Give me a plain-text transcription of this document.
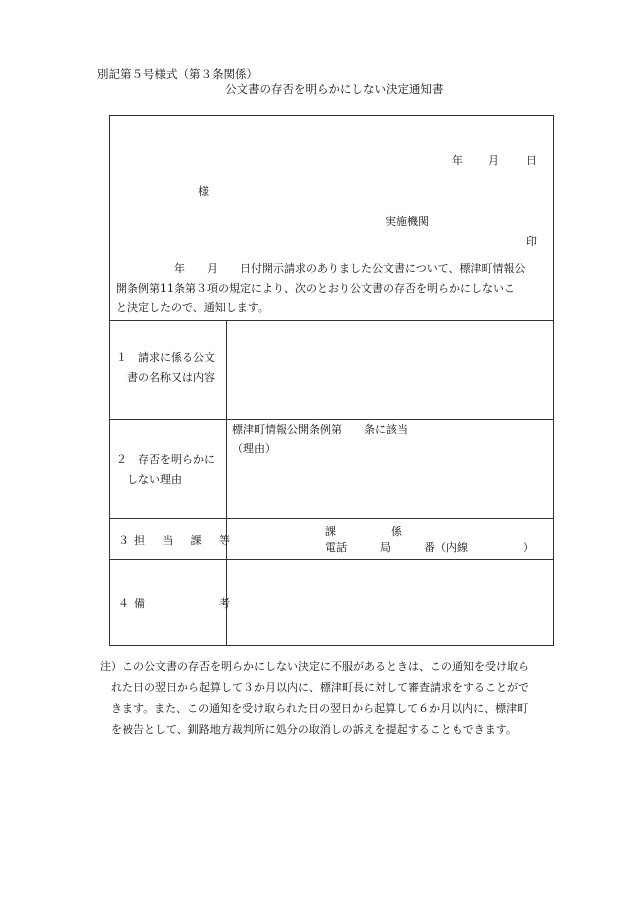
別記第５号様式（第３条関係）
公文書の存否を明らかにしない決定通知書
年 月 日
様
実施機関
印
年　　月　　日付開示請求のありました公文書について、標津町情報公
開条例第11条第３項の規定により、次のとおり公文書の存否を明らかにしないこ
と決定したので、通知します。
１　請求に係る公文
　書の名称又は内容
２　存否を明らかに
　しない理由
標津町情報公開条例第　　条に該当
（理由）
３ 担 当 課 等
課　　　　　係
電話　　　局　　　番（内線　　　　　）
４ 備	考
注）この公文書の存否を明らかにしない決定に不服があるときは、この通知を受け取ら
　れた日の翌日から起算して３か月以内に、標津町長に対して審査請求をすることがで
　きます。また、この通知を受け取られた日の翌日から起算して６か月以内に、標津町
　を被告として、釧路地方裁判所に処分の取消しの訴えを提起することもできます。
